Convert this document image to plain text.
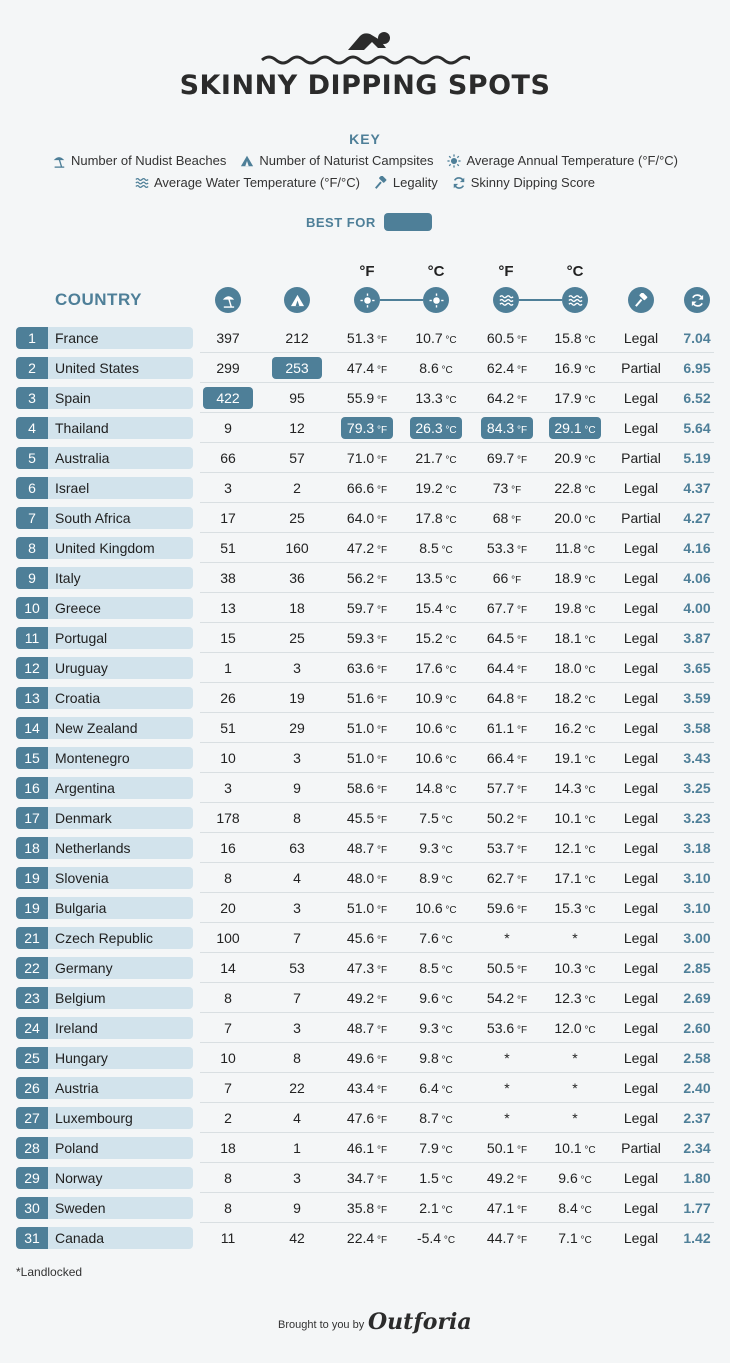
SKINNY DIPPING SPOTS
KEY
Number of Nudist Beaches	Number of Naturist Campsites	Average Annual Temperature (°F/°C)
Average Water Temperature (°F/°C)	Legality	Skinny Dipping Score
BEST FOR
°F	°C	°F	°C
COUNTRY
1	France	397	212	51.3 °F	10.7 °C	60.5 °F	15.8 °C	Legal	7.04
2	United States	299	253	47.4 °F	8.6 °C	62.4 °F	16.9 °C	Partial	6.95
3	Spain	422	95	55.9 °F	13.3 °C	64.2 °F	17.9 °C	Legal	6.52
4	Thailand	9	12	79.3 °F	26.3 °C	84.3 °F	29.1 °C	Legal	5.64
5	Australia	66	57	71.0 °F	21.7 °C	69.7 °F	20.9 °C	Partial	5.19
6	Israel	3	2	66.6 °F	19.2 °C	73 °F	22.8 °C	Legal	4.37
7	South Africa	17	25	64.0 °F	17.8 °C	68 °F	20.0 °C	Partial	4.27
8	United Kingdom	51	160	47.2 °F	8.5 °C	53.3 °F	11.8 °C	Legal	4.16
9	Italy	38	36	56.2 °F	13.5 °C	66 °F	18.9 °C	Legal	4.06
10	Greece	13	18	59.7 °F	15.4 °C	67.7 °F	19.8 °C	Legal	4.00
11	Portugal	15	25	59.3 °F	15.2 °C	64.5 °F	18.1 °C	Legal	3.87
12	Uruguay	1	3	63.6 °F	17.6 °C	64.4 °F	18.0 °C	Legal	3.65
13	Croatia	26	19	51.6 °F	10.9 °C	64.8 °F	18.2 °C	Legal	3.59
14	New Zealand	51	29	51.0 °F	10.6 °C	61.1 °F	16.2 °C	Legal	3.58
15	Montenegro	10	3	51.0 °F	10.6 °C	66.4 °F	19.1 °C	Legal	3.43
16	Argentina	3	9	58.6 °F	14.8 °C	57.7 °F	14.3 °C	Legal	3.25
17	Denmark	178	8	45.5 °F	7.5 °C	50.2 °F	10.1 °C	Legal	3.23
18	Netherlands	16	63	48.7 °F	9.3 °C	53.7 °F	12.1 °C	Legal	3.18
19	Slovenia	8	4	48.0 °F	8.9 °C	62.7 °F	17.1 °C	Legal	3.10
19	Bulgaria	20	3	51.0 °F	10.6 °C	59.6 °F	15.3 °C	Legal	3.10
21	Czech Republic	100	7	45.6 °F	7.6 °C	*	*	Legal	3.00
22	Germany	14	53	47.3 °F	8.5 °C	50.5 °F	10.3 °C	Legal	2.85
23	Belgium	8	7	49.2 °F	9.6 °C	54.2 °F	12.3 °C	Legal	2.69
24	Ireland	7	3	48.7 °F	9.3 °C	53.6 °F	12.0 °C	Legal	2.60
25	Hungary	10	8	49.6 °F	9.8 °C	*	*	Legal	2.58
26	Austria	7	22	43.4 °F	6.4 °C	*	*	Legal	2.40
27	Luxembourg	2	4	47.6 °F	8.7 °C	*	*	Legal	2.37
28	Poland	18	1	46.1 °F	7.9 °C	50.1 °F	10.1 °C	Partial	2.34
29	Norway	8	3	34.7 °F	1.5 °C	49.2 °F	9.6 °C	Legal	1.80
30	Sweden	8	9	35.8 °F	2.1 °C	47.1 °F	8.4 °C	Legal	1.77
31	Canada	11	42	22.4 °F	-5.4 °C	44.7 °F	7.1 °C	Legal	1.42
*Landlocked
Brought to you by Outforia
